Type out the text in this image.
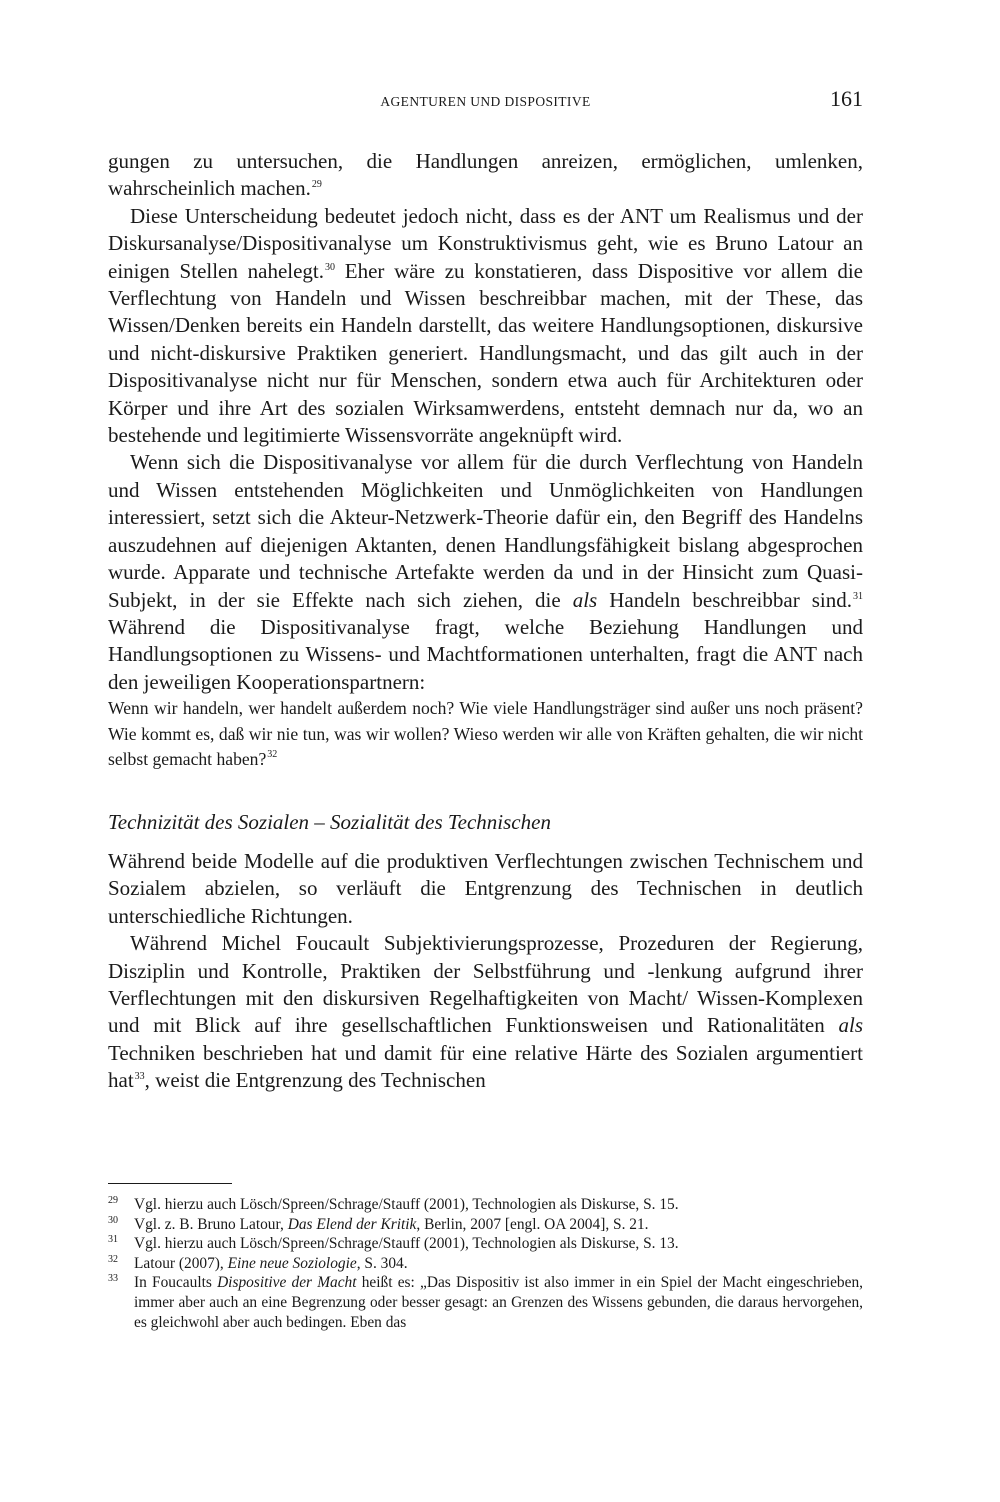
AGENTUREN UND DISPOSITIVE	161

gungen zu untersuchen, die Handlungen anreizen, ermöglichen, umlenken, wahrscheinlich machen.$^{29}$

Diese Unterscheidung bedeutet jedoch nicht, dass es der ANT um Realismus und der Diskursanalyse/Dispositivanalyse um Konstruktivismus geht, wie es Bruno Latour an einigen Stellen nahelegt.$^{30}$ Eher wäre zu konstatieren, dass Dispositive vor allem die Verflechtung von Handeln und Wissen beschreibbar machen, mit der These, das Wissen/Denken bereits ein Handeln darstellt, das weitere Handlungsoptionen, diskursive und nicht-diskursive Praktiken generiert. Handlungsmacht, und das gilt auch in der Dispositivanalyse nicht nur für Menschen, sondern etwa auch für Architekturen oder Körper und ihre Art des sozialen Wirksamwerdens, entsteht demnach nur da, wo an bestehende und legitimierte Wissensvorräte angeknüpft wird.

Wenn sich die Dispositivanalyse vor allem für die durch Verflechtung von Handeln und Wissen entstehenden Möglichkeiten und Unmöglichkeiten von Handlungen interessiert, setzt sich die Akteur-Netzwerk-Theorie dafür ein, den Begriff des Handelns auszudehnen auf diejenigen Aktanten, denen Handlungsfähigkeit bislang abgesprochen wurde. Apparate und technische Artefakte werden da und in der Hinsicht zum Quasi-Subjekt, in der sie Effekte nach sich ziehen, die als Handeln beschreibbar sind.$^{31}$ Während die Dispositivanalyse fragt, welche Beziehung Handlungen und Handlungsoptionen zu Wissens- und Machtformationen unterhalten, fragt die ANT nach den jeweiligen Kooperationspartnern:

Wenn wir handeln, wer handelt außerdem noch? Wie viele Handlungsträger sind außer uns noch präsent? Wie kommt es, daß wir nie tun, was wir wollen? Wieso werden wir alle von Kräften gehalten, die wir nicht selbst gemacht haben?$^{32}$

Technizität des Sozialen – Sozialität des Technischen

Während beide Modelle auf die produktiven Verflechtungen zwischen Technischem und Sozialem abzielen, so verläuft die Entgrenzung des Technischen in deutlich unterschiedliche Richtungen.

Während Michel Foucault Subjektivierungsprozesse, Prozeduren der Regierung, Disziplin und Kontrolle, Praktiken der Selbstführung und -lenkung aufgrund ihrer Verflechtungen mit den diskursiven Regelhaftigkeiten von Macht/ Wissen-Komplexen und mit Blick auf ihre gesellschaftlichen Funktionsweisen und Rationalitäten als Techniken beschrieben hat und damit für eine relative Härte des Sozialen argumentiert hat$^{33}$, weist die Entgrenzung des Technischen

29 Vgl. hierzu auch Lösch/Spreen/Schrage/Stauff (2001), Technologien als Diskurse, S. 15.
30 Vgl. z. B. Bruno Latour, Das Elend der Kritik, Berlin, 2007 [engl. OA 2004], S. 21.
31 Vgl. hierzu auch Lösch/Spreen/Schrage/Stauff (2001), Technologien als Diskurse, S. 13.
32 Latour (2007), Eine neue Soziologie, S. 304.
33 In Foucaults Dispositive der Macht heißt es: „Das Dispositiv ist also immer in ein Spiel der Macht eingeschrieben, immer aber auch an eine Begrenzung oder besser gesagt: an Grenzen des Wissens gebunden, die daraus hervorgehen, es gleichwohl aber auch bedingen. Eben das
